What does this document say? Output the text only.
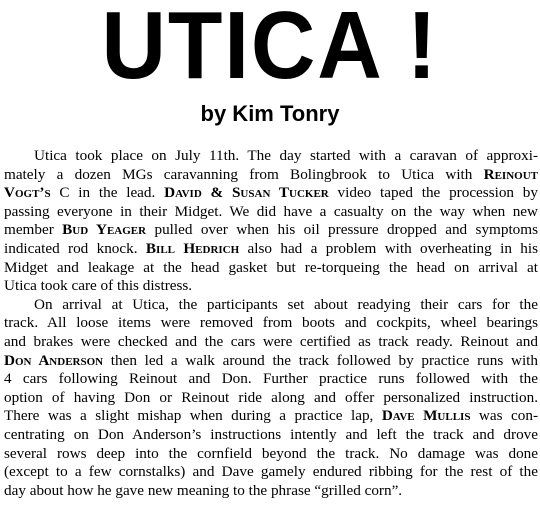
UTICA !
by Kim Tonry
Utica took place on July 11th. The day started with a caravan of approxi-
mately a dozen MGs caravanning from Bolingbrook to Utica with Reinout
Vogt’s C in the lead. David & Susan Tucker video taped the procession by
passing everyone in their Midget. We did have a casualty on the way when new
member Bud Yeager pulled over when his oil pressure dropped and symptoms
indicated rod knock. Bill Hedrich also had a problem with overheating in his
Midget and leakage at the head gasket but re-torqueing the head on arrival at
Utica took care of this distress.
On arrival at Utica, the participants set about readying their cars for the
track. All loose items were removed from boots and cockpits, wheel bearings
and brakes were checked and the cars were certified as track ready. Reinout and
Don Anderson then led a walk around the track followed by practice runs with
4 cars following Reinout and Don. Further practice runs followed with the
option of having Don or Reinout ride along and offer personalized instruction.
There was a slight mishap when during a practice lap, Dave Mullis was con-
centrating on Don Anderson’s instructions intently and left the track and drove
several rows deep into the cornfield beyond the track. No damage was done
(except to a few cornstalks) and Dave gamely endured ribbing for the rest of the
day about how he gave new meaning to the phrase “grilled corn”.
